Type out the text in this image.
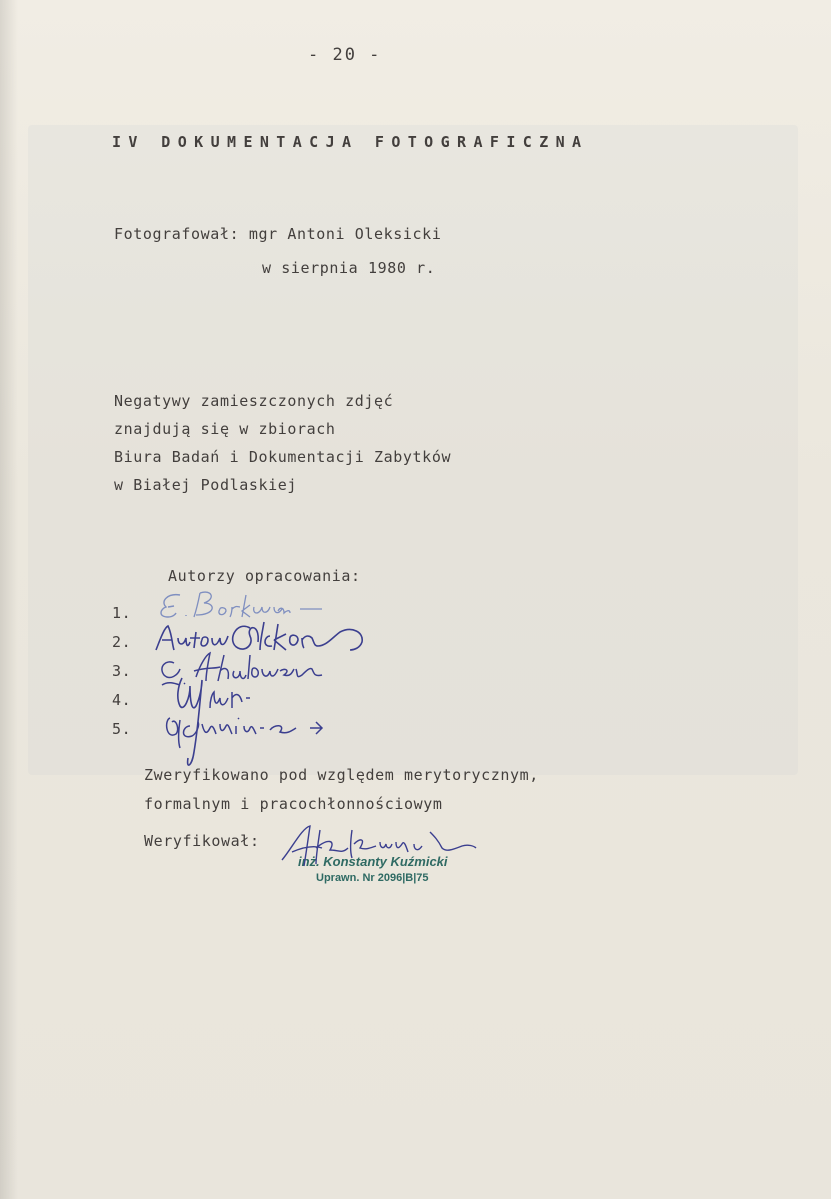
- 20 -
IV DOKUMENTACJA FOTOGRAFICZNA
Fotografował: mgr Antoni Oleksicki
w sierpnia 1980 r.
Negatywy zamieszczonych zdjęć
znajdują się w zbiorach
Biura Badań i Dokumentacji Zabytków
w Białej Podlaskiej
Autorzy opracowania:
1.
2.
3.
4.
5.
Zweryfikowano pod względem merytorycznym,
formalnym i pracochłonnościowym
Weryfikował:
inż. Konstanty Kuźmicki
Uprawn. Nr 2096|B|75
